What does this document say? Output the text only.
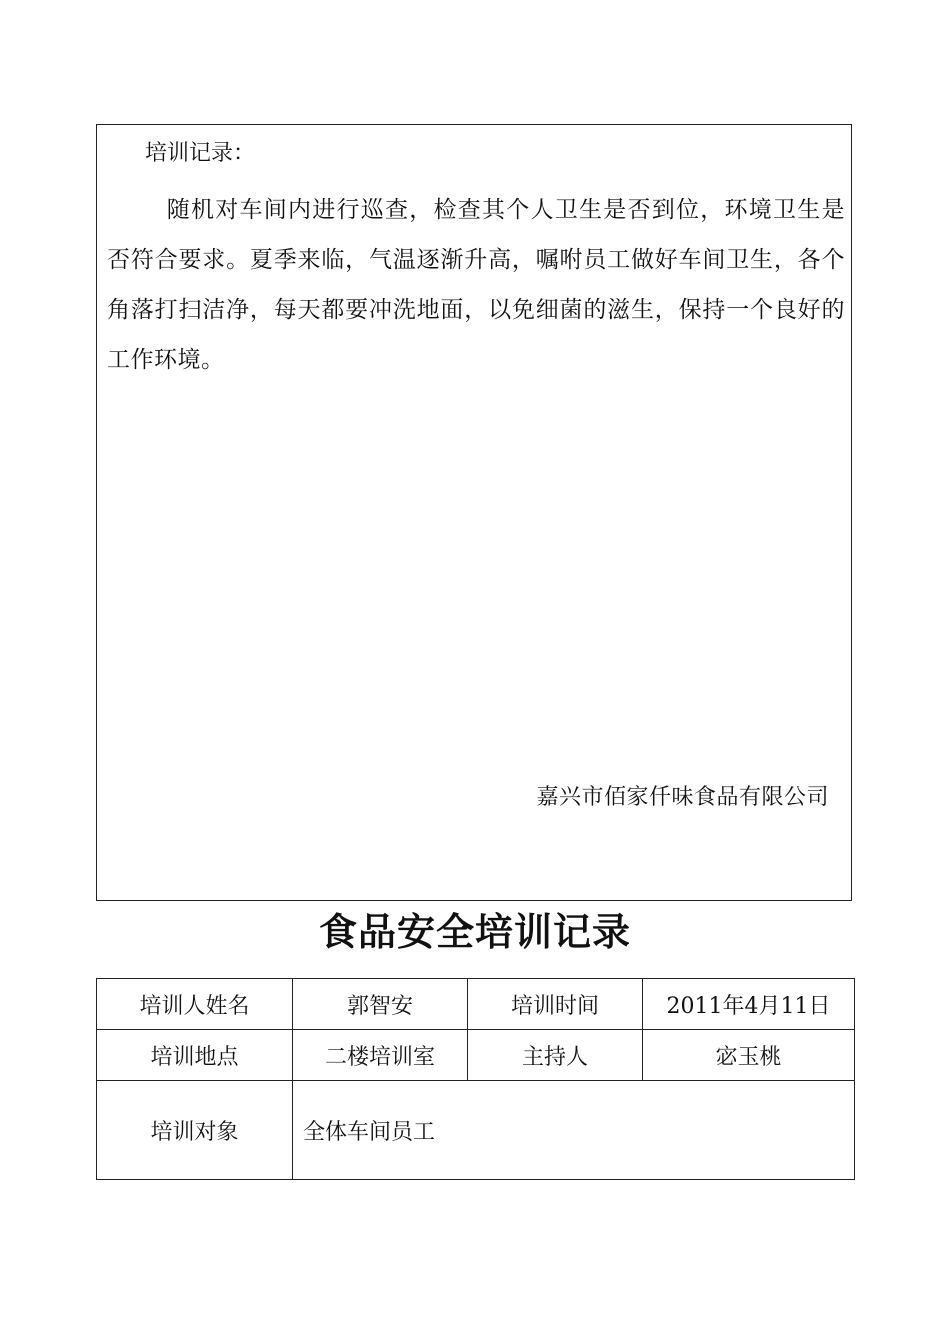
培训记录：
随机对车间内进行巡查，检查其个人卫生是否到位，环境卫生是否符合要求。夏季来临，气温逐渐升高，嘱咐员工做好车间卫生，各个角落打扫洁净，每天都要冲洗地面，以免细菌的滋生，保持一个良好的工作环境。
嘉兴市佰家仟味食品有限公司
食品安全培训记录
培训人姓名	郭智安	培训时间	2011年4月11日
培训地点	二楼培训室	主持人	宓玉桃
培训对象	全体车间员工		
